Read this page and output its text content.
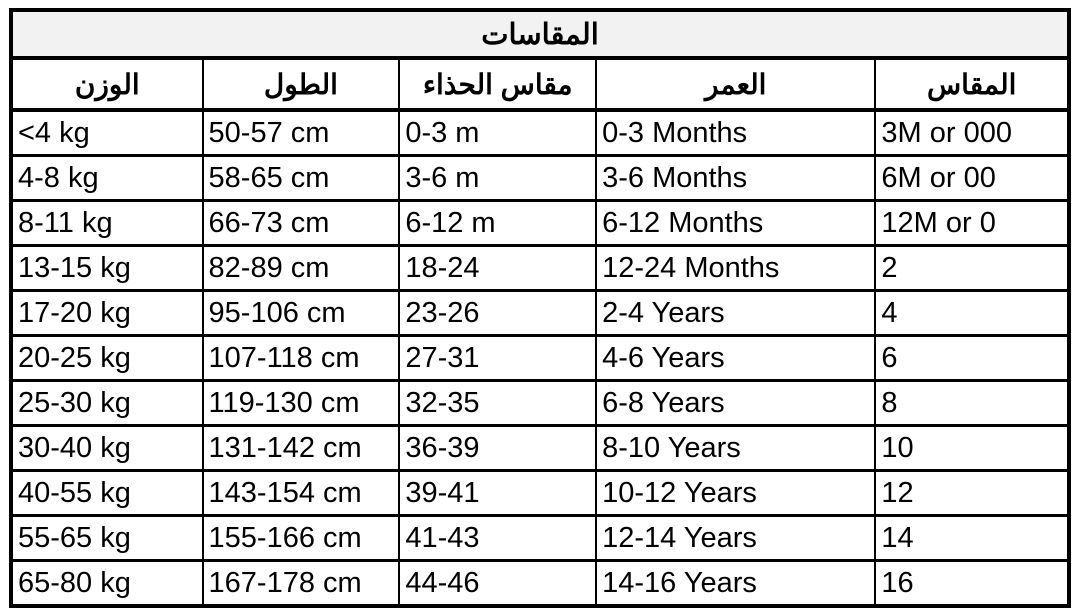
المقاسات				
المقاس	العمر	مقاس الحذاء	الطول	الوزن
3M or 000	0-3 Months	0-3 m	50-57 cm	<4 kg
6M or 00	3-6 Months	3-6 m	58-65 cm	4-8 kg
12M or 0	6-12 Months	6-12 m	66-73 cm	8-11 kg
2	12-24 Months	18-24	82-89 cm	13-15 kg
4	2-4 Years	23-26	95-106 cm	17-20 kg
6	4-6 Years	27-31	107-118 cm	20-25 kg
8	6-8 Years	32-35	119-130 cm	25-30 kg
10	8-10 Years	36-39	131-142 cm	30-40 kg
12	10-12 Years	39-41	143-154 cm	40-55 kg
14	12-14 Years	41-43	155-166 cm	55-65 kg
16	14-16 Years	44-46	167-178 cm	65-80 kg
